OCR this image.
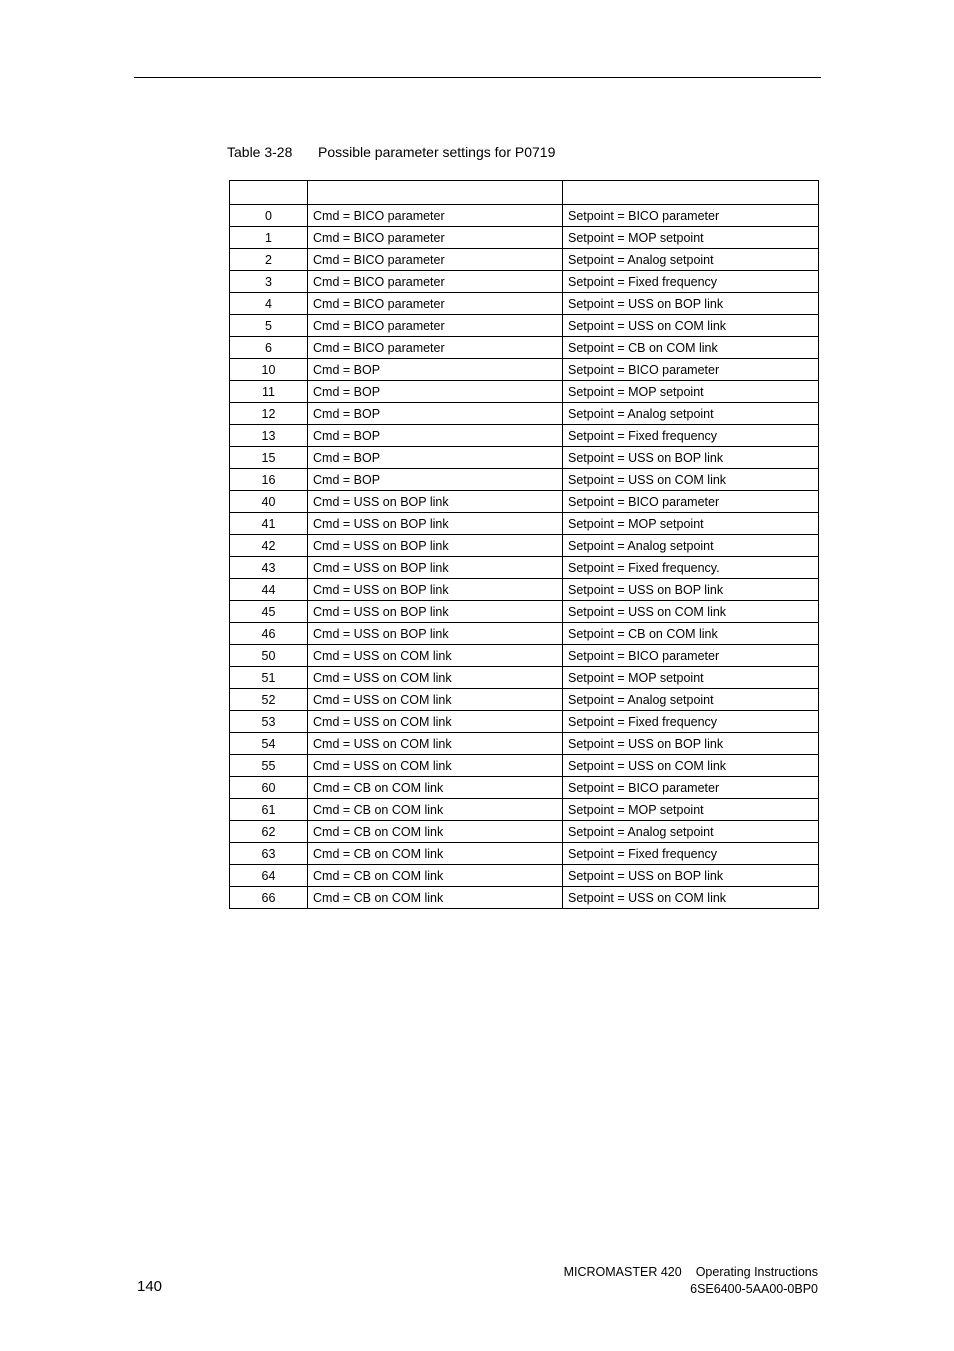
Table 3-28 Possible parameter settings for P0719

0	Cmd = BICO parameter	Setpoint = BICO parameter
1	Cmd = BICO parameter	Setpoint = MOP setpoint
2	Cmd = BICO parameter	Setpoint = Analog setpoint
3	Cmd = BICO parameter	Setpoint = Fixed frequency
4	Cmd = BICO parameter	Setpoint = USS on BOP link
5	Cmd = BICO parameter	Setpoint = USS on COM link
6	Cmd = BICO parameter	Setpoint = CB on COM link
10	Cmd = BOP	Setpoint = BICO parameter
11	Cmd = BOP	Setpoint = MOP setpoint
12	Cmd = BOP	Setpoint = Analog setpoint
13	Cmd = BOP	Setpoint = Fixed frequency
15	Cmd = BOP	Setpoint = USS on BOP link
16	Cmd = BOP	Setpoint = USS on COM link
40	Cmd = USS on BOP link	Setpoint = BICO parameter
41	Cmd = USS on BOP link	Setpoint = MOP setpoint
42	Cmd = USS on BOP link	Setpoint = Analog setpoint
43	Cmd = USS on BOP link	Setpoint = Fixed frequency.
44	Cmd = USS on BOP link	Setpoint = USS on BOP link
45	Cmd = USS on BOP link	Setpoint = USS on COM link
46	Cmd = USS on BOP link	Setpoint = CB on COM link
50	Cmd = USS on COM link	Setpoint = BICO parameter
51	Cmd = USS on COM link	Setpoint = MOP setpoint
52	Cmd = USS on COM link	Setpoint = Analog setpoint
53	Cmd = USS on COM link	Setpoint = Fixed frequency
54	Cmd = USS on COM link	Setpoint = USS on BOP link
55	Cmd = USS on COM link	Setpoint = USS on COM link
60	Cmd = CB on COM link	Setpoint = BICO parameter
61	Cmd = CB on COM link	Setpoint = MOP setpoint
62	Cmd = CB on COM link	Setpoint = Analog setpoint
63	Cmd = CB on COM link	Setpoint = Fixed frequency
64	Cmd = CB on COM link	Setpoint = USS on BOP link
66	Cmd = CB on COM link	Setpoint = USS on COM link
140
MICROMASTER 420 Operating Instructions
6SE6400-5AA00-0BP0
